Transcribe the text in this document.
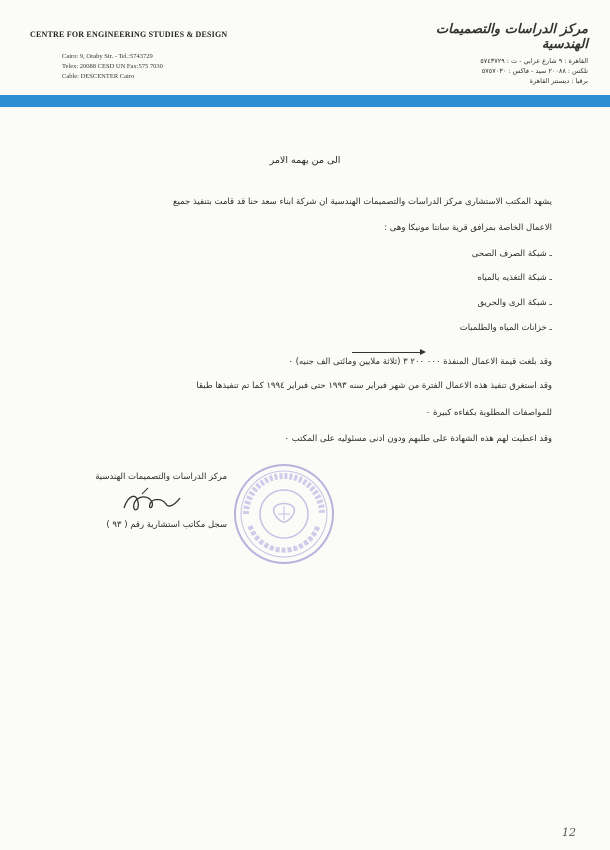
CENTRE FOR ENGINEERING STUDIES & DESIGN
Cairo: 9, Oraby Str. - Tel.:5743729
Telex: 20088 CESD UN Fax:575 7030
Cable: DESCENTER Cairo
مركز الدراسات والتصميمات الهندسية
القاهرة : ٩ شارع عرابي - ت : ٥٧٤٣٧٢٩
تلكس : ٢٠٠٨٨ سيد - فاكس : ٥٧٥٧٠٣٠
برقيا : ديسنتر القاهرة
الى من يهمه الامر
يشهد المكتب الاستشارى مركز الدراسات والتصميمات الهندسية ان شركة ابناء سعد حنا قد قامت بتنفيذ جميع
الاعمال الخاصة بمرافق قرية سانتا مونيكا وهى :
ـ شبكة الصرف الصحى
ـ شبكة التغذيه بالمياه
ـ شبكة الرى والحريق
ـ خزانات المياه والطلمبات
وقد بلغت قيمة الاعمال المنفذة ٠٠٠ ٢٠٠ ٣ (ثلاثة ملايين ومائتى الف جنيه) ٠
وقد استغرق تنفيذ هذه الاعمال الفترة من شهر فبراير سنه ١٩٩٣ حتى فبراير ١٩٩٤ كما تم تنفيذها طبقا
للمواصفات المطلوبة بكفاءه كبيرة ٠
وقد اعطيت لهم هذه الشهادة على طلبهم ودون ادنى مسئوليه على المكتب ٠
مركز الدراسات والتصميمات الهندسية
سجل مكاتب استشارية رقم ( ٩٣ )
12
